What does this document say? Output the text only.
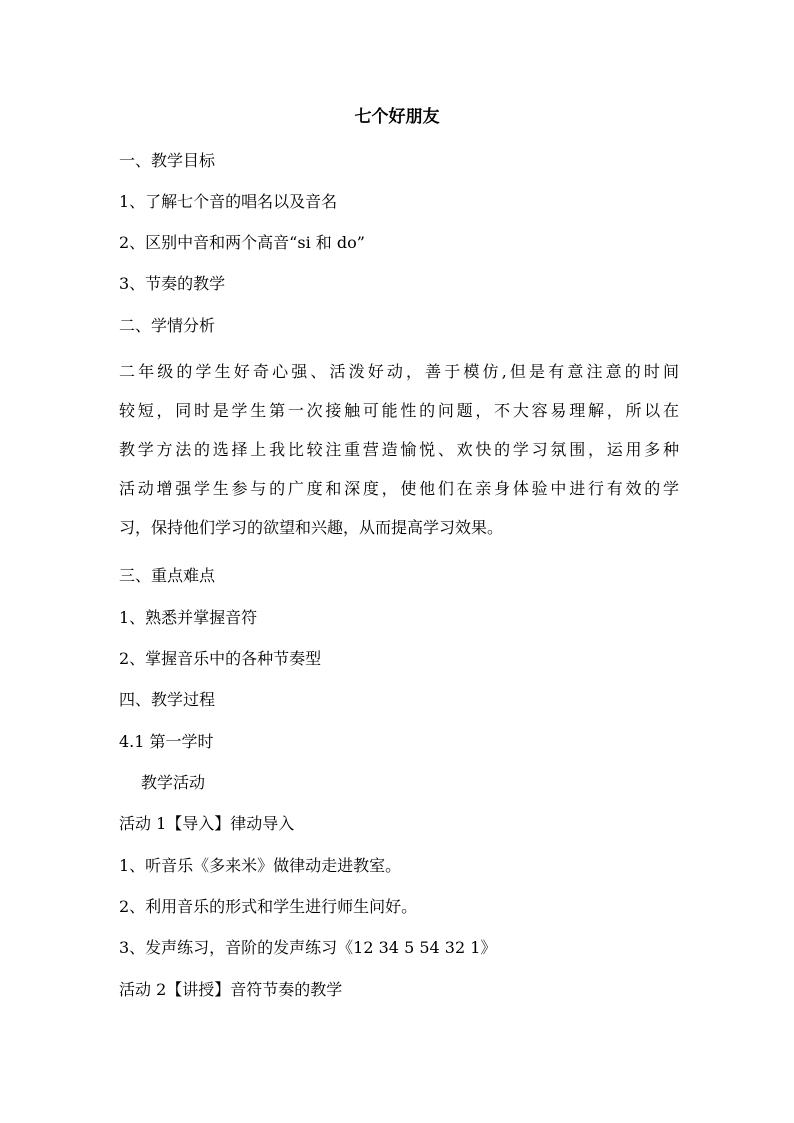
七个好朋友
一、教学目标
1、了解七个音的唱名以及音名
2、区别中音和两个高音“si 和 do”
3、节奏的教学
二、学情分析
二年级的学生好奇心强、活泼好动，善于模仿,但是有意注意的时间
较短，同时是学生第一次接触可能性的问题，不大容易理解，所以在
教学方法的选择上我比较注重营造愉悦、欢快的学习氛围，运用多种
活动增强学生参与的广度和深度，使他们在亲身体验中进行有效的学
习，保持他们学习的欲望和兴趣，从而提高学习效果。
三、重点难点
1、熟悉并掌握音符
2、掌握音乐中的各种节奏型
四、教学过程
4.1 第一学时
教学活动
活动 1【导入】律动导入
1、听音乐《多来米》做律动走进教室。
2、利用音乐的形式和学生进行师生问好。
3、发声练习，音阶的发声练习《12 34 5 54 32 1》
活动 2【讲授】音符节奏的教学
